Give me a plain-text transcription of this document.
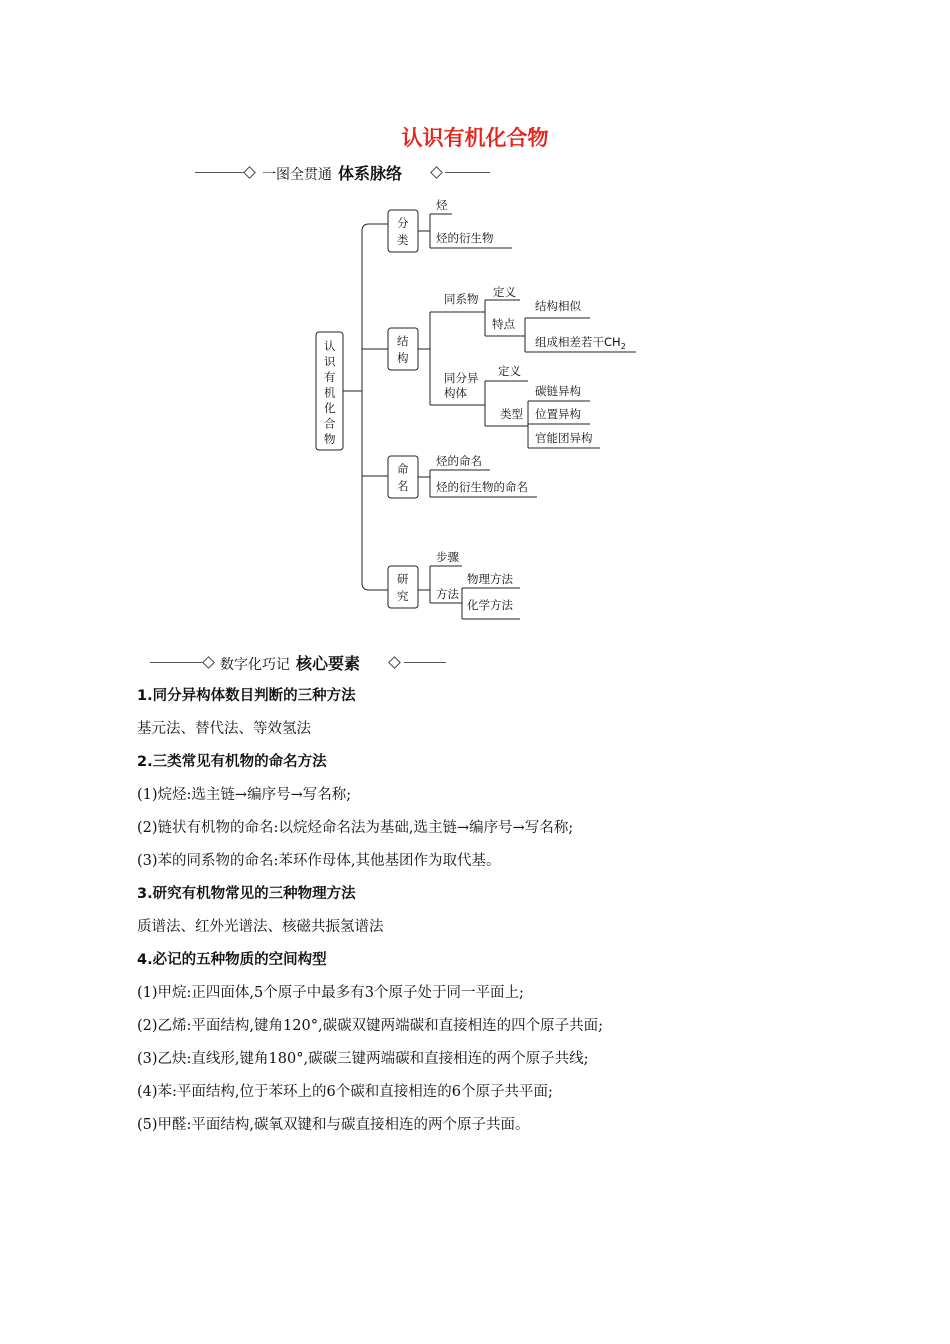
认识有机化合物
一图全贯通 体系脉络
认
识
有
机
化
合
物
分
类
结
构
命
名
研
究
烃
烃的衍生物
同系物 定义
特点
结构相似
组成相差若干$CH_2$
同分异
构体
定义
类型
碳链异构
位置异构
官能团异构
烃的命名
烃的衍生物的命名
步骤
方法
物理方法
化学方法
数字化巧记 核心要素
1.同分异构体数目判断的三种方法
基元法、替代法、等效氢法
2.三类常见有机物的命名方法
(1)烷烃:选主链→编序号→写名称;
(2)链状有机物的命名:以烷烃命名法为基础,选主链→编序号→写名称;
(3)苯的同系物的命名:苯环作母体,其他基团作为取代基。
3.研究有机物常见的三种物理方法
质谱法、红外光谱法、核磁共振氢谱法
4.必记的五种物质的空间构型
(1)甲烷:正四面体,5个原子中最多有3个原子处于同一平面上;
(2)乙烯:平面结构,键角120°,碳碳双键两端碳和直接相连的四个原子共面;
(3)乙炔:直线形,键角180°,碳碳三键两端碳和直接相连的两个原子共线;
(4)苯:平面结构,位于苯环上的6个碳和直接相连的6个原子共平面;
(5)甲醛:平面结构,碳氧双键和与碳直接相连的两个原子共面。
